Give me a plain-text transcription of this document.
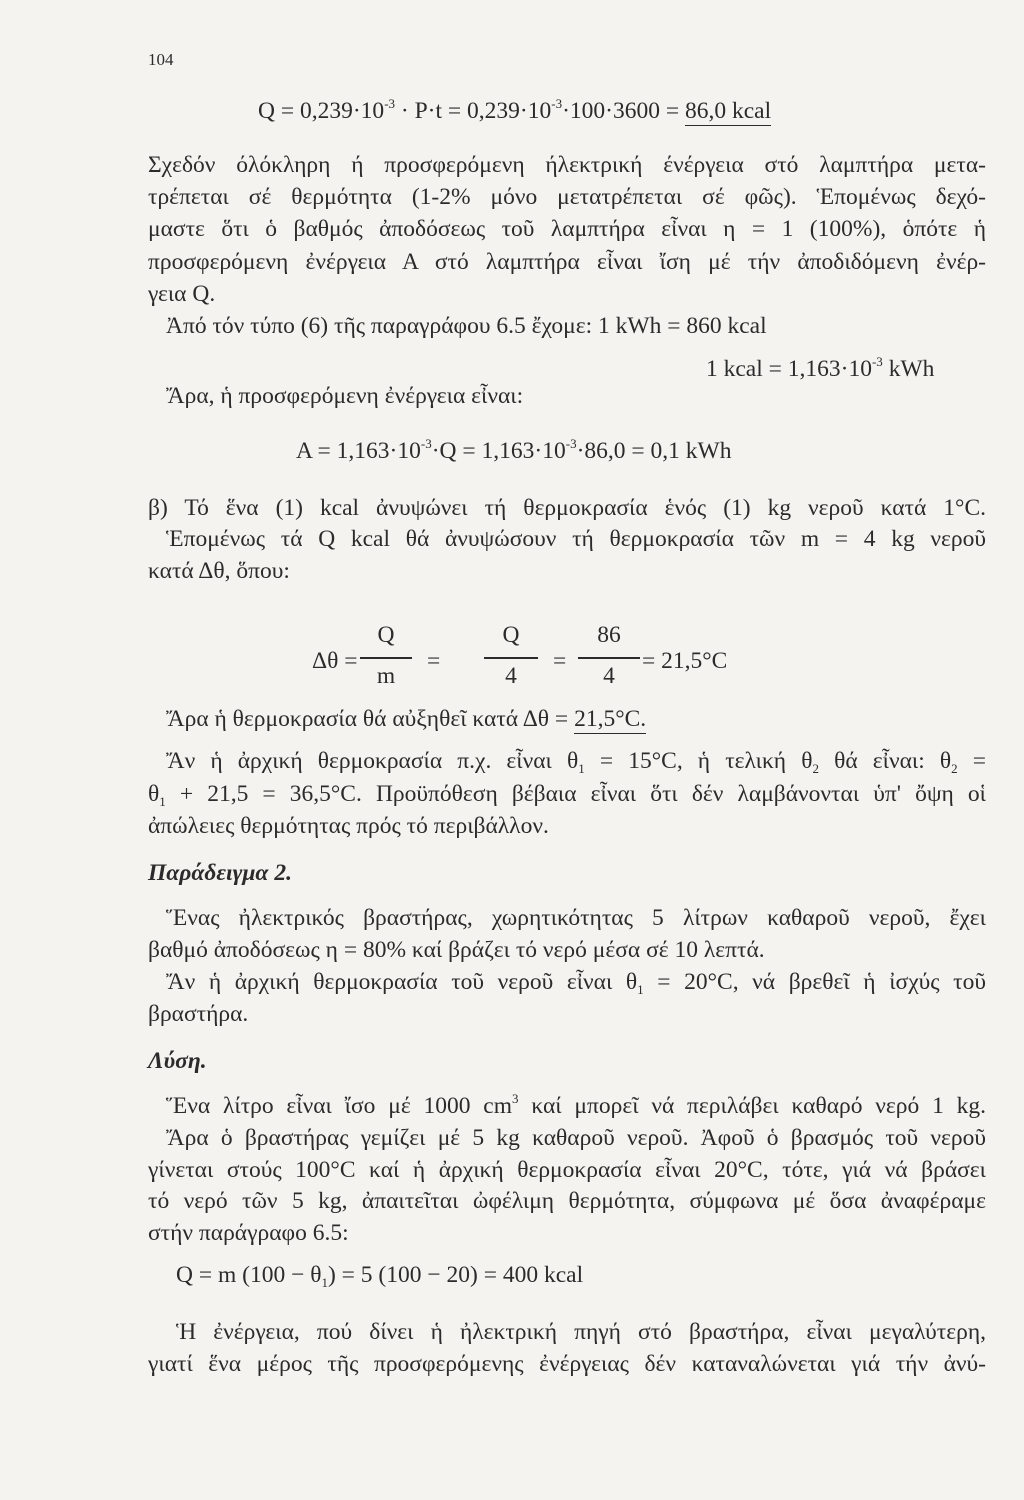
104
$Q = 0,239\cdot 10^{-3} \cdot P\cdot t = 0,239\cdot 10^{-3}\cdot 100\cdot 3600 = 86,0$ kcal
Σχεδόν όλόκληρη ή προσφερόμενη ήλεκτρική ένέργεια στό λαμπτήρα μετα-
τρέπεται σέ θερμότητα (1-2% μόνο μετατρέπεται σέ φῶς). Ἑπομένως δεχό-
μαστε ὅτι ὁ βαθμός ἀποδόσεως τοῦ λαμπτήρα εἶναι η = 1 (100%), ὁπότε ἡ
προσφερόμενη ἐνέργεια Α στό λαμπτήρα εἶναι ἴση μέ τήν ἀποδιδόμενη ἐνέρ-
γεια Q.
Ἀπό τόν τύπο (6) τῆς παραγράφου 6.5 ἔχομε: 1 kWh = 860 kcal
1 kcal = $1,163\cdot 10^{-3}$ kWh
Ἄρα, ἡ προσφερόμενη ἐνέργεια εἶναι:
$A = 1,163\cdot 10^{-3}\cdot Q = 1,163\cdot 10^{-3}\cdot 86,0 = 0,1$ kWh
β) Τό ἕνα (1) kcal ἀνυψώνει τή θερμοκρασία ἑνός (1) kg νεροῦ κατά 1°C.
Ἑπομένως τά Q kcal θά ἀνυψώσουν τή θερμοκρασία τῶν m = 4 kg νεροῦ
κατά Δθ, ὅπου:
Δθ =
Q
m
=
Q
4
=
86
4
= 21,5°C
Ἄρα ἡ θερμοκρασία θά αὐξηθεῖ κατά Δθ = 21,5°C.
Ἄν ἡ ἀρχική θερμοκρασία π.χ. εἶναι $\theta_1 = 15^\circ C$, ἡ τελική $\theta_2$ θά εἶναι: $\theta_2$ =
$\theta_1 + 21,5 = 36,5^\circ C$. Προϋπόθεση βέβαια εἶναι ὅτι δέν λαμβάνονται ὑπ' ὄψη οἱ
ἀπώλειες θερμότητας πρός τό περιβάλλον.
Παράδειγμα 2.
Ἕνας ἠλεκτρικός βραστήρας, χωρητικότητας 5 λίτρων καθαροῦ νεροῦ, ἔχει
βαθμό ἀποδόσεως η = 80% καί βράζει τό νερό μέσα σέ 10 λεπτά.
Ἄν ἡ ἀρχική θερμοκρασία τοῦ νεροῦ εἶναι $\theta_1 = 20^\circ C$, νά βρεθεῖ ἡ ἰσχύς τοῦ
βραστήρα.
Λύση.
Ἕνα λίτρο εἶναι ἴσο μέ 1000 $cm^3$ καί μπορεῖ νά περιλάβει καθαρό νερό 1 kg.
Ἄρα ὁ βραστήρας γεμίζει μέ 5 kg καθαροῦ νεροῦ. Ἀφοῦ ὁ βρασμός τοῦ νεροῦ
γίνεται στούς 100°C καί ἡ ἀρχική θερμοκρασία εἶναι 20°C, τότε, γιά νά βράσει
τό νερό τῶν 5 kg, ἀπαιτεῖται ὠφέλιμη θερμότητα, σύμφωνα μέ ὅσα ἀναφέραμε
στήν παράγραφο 6.5:
Q = m $(100 - \theta_1) = 5$ (100 − 20) = 400 kcal
Ἡ ἐνέργεια, πού δίνει ἡ ἠλεκτρική πηγή στό βραστήρα, εἶναι μεγαλύτερη,
γιατί ἕνα μέρος τῆς προσφερόμενης ἐνέργειας δέν καταναλώνεται γιά τήν ἀνύ-
